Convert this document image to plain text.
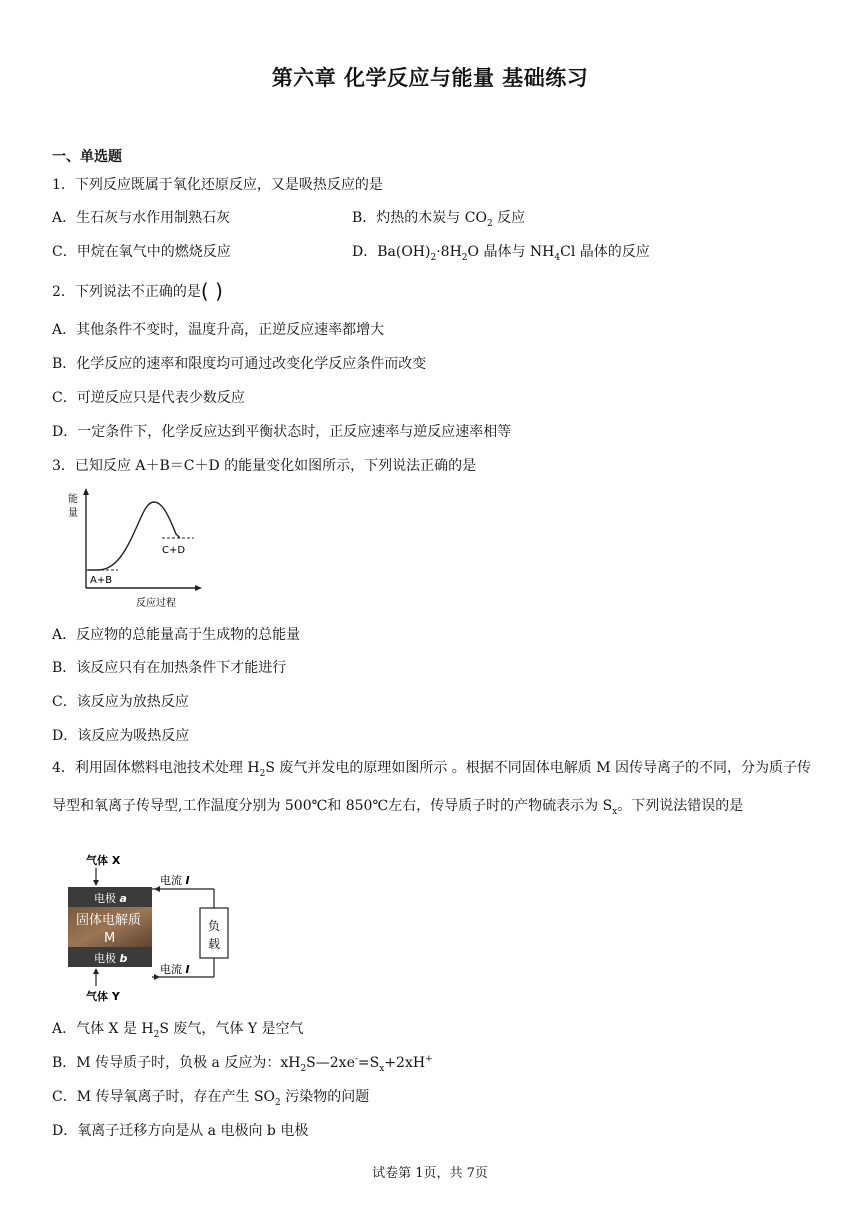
第六章 化学反应与能量 基础练习
一、单选题
1．下列反应既属于氧化还原反应，又是吸热反应的是
A．生石灰与水作用制熟石灰	B．灼热的木炭与 $CO_2$ 反应
C．甲烷在氧气中的燃烧反应	D．$Ba(OH)_2\cdot 8H_2O$ 晶体与 $NH_4Cl$ 晶体的反应
2．下列说法不正确的是( )
A．其他条件不变时，温度升高，正逆反应速率都增大
B．化学反应的速率和限度均可通过改变化学反应条件而改变
C．可逆反应只是代表少数反应
D．一定条件下，化学反应达到平衡状态时，正反应速率与逆反应速率相等
3．已知反应 A＋B＝C＋D 的能量变化如图所示，下列说法正确的是
能
量
A+B
C+D
反应过程
A．反应物的总能量高于生成物的总能量
B．该反应只有在加热条件下才能进行
C．该反应为放热反应
D．该反应为吸热反应
4．利用固体燃料电池技术处理 $H_2S$ 废气并发电的原理如图所示 。根据不同固体电解质 M 因传导离子的不同，分为质子传导型和氧离子传导型,工作温度分别为 500℃和 850℃左右，传导质子时的产物硫表示为 $S_x$。下列说法错误的是
气体 X
电极 a
固体电解质
M
电极 b
负
载
电流 I
电流 I
气体 Y
A．气体 X 是 $H_2S$ 废气，气体 Y 是空气
B．M 传导质子时，负极 a 反应为：$xH_2S—2xe^-=S_x+2xH^+$
C．M 传导氧离子时，存在产生 $SO_2$ 污染物的问题
D．氧离子迁移方向是从 a 电极向 b 电极
试卷第 1页，共 7页
